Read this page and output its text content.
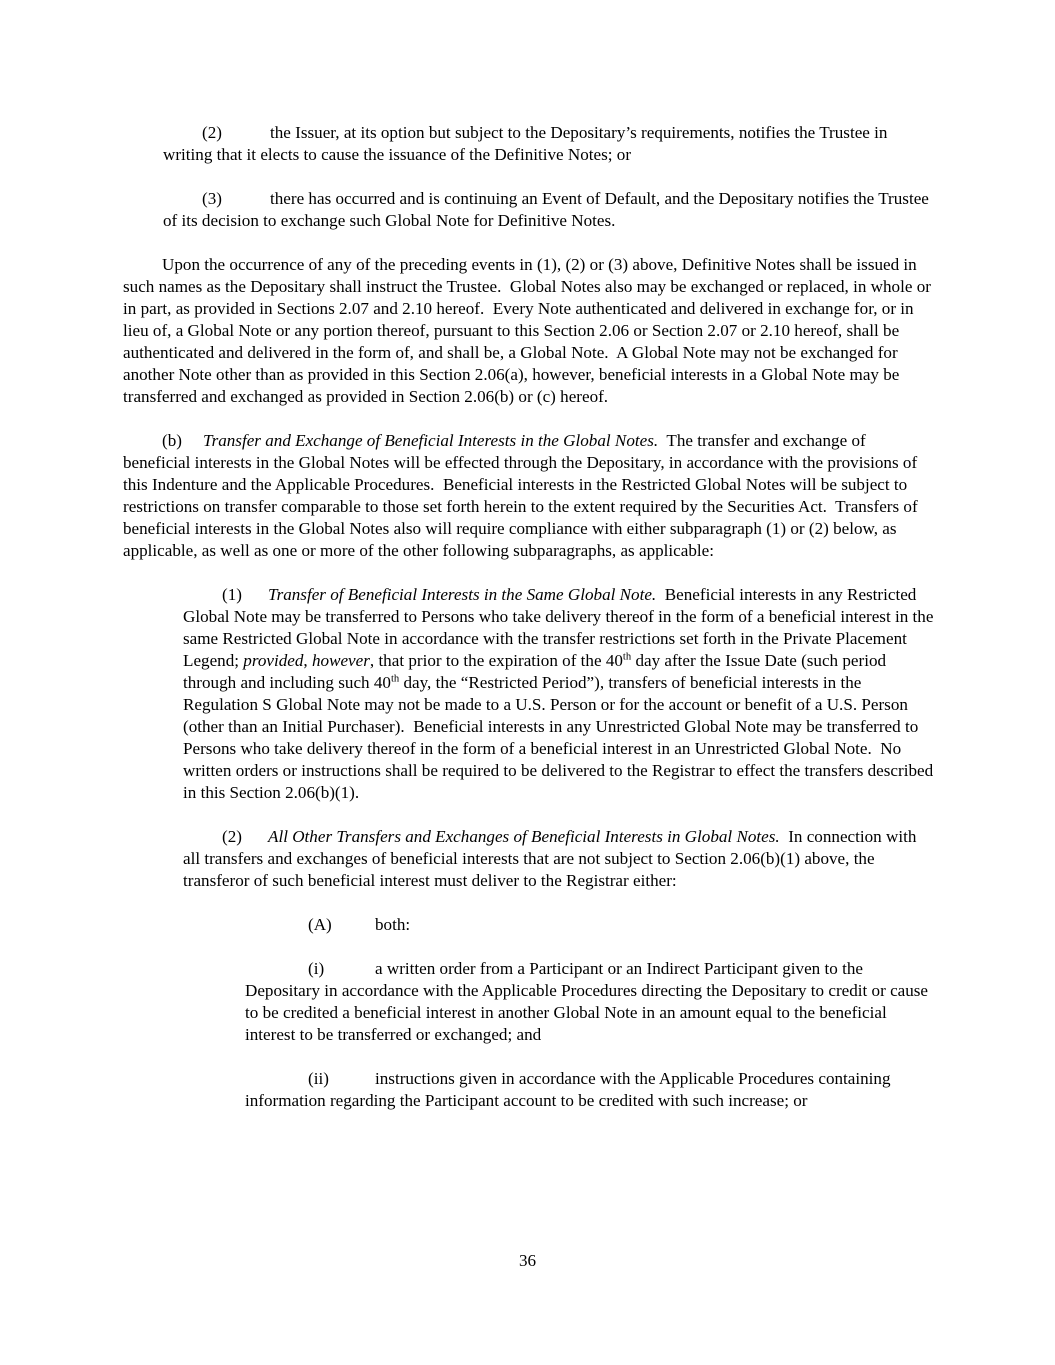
(2)	the Issuer, at its option but subject to the Depositary’s requirements, notifies the Trustee in writing that it elects to cause the issuance of the Definitive Notes; or

(3)	there has occurred and is continuing an Event of Default, and the Depositary notifies the Trustee of its decision to exchange such Global Note for Definitive Notes.

Upon the occurrence of any of the preceding events in (1), (2) or (3) above, Definitive Notes shall be issued in such names as the Depositary shall instruct the Trustee.  Global Notes also may be exchanged or replaced, in whole or in part, as provided in Sections 2.07 and 2.10 hereof.  Every Note authenticated and delivered in exchange for, or in lieu of, a Global Note or any portion thereof, pursuant to this Section 2.06 or Section 2.07 or 2.10 hereof, shall be authenticated and delivered in the form of, and shall be, a Global Note.  A Global Note may not be exchanged for another Note other than as provided in this Section 2.06(a), however, beneficial interests in a Global Note may be transferred and exchanged as provided in Section 2.06(b) or (c) hereof.

(b) Transfer and Exchange of Beneficial Interests in the Global Notes.  The transfer and exchange of beneficial interests in the Global Notes will be effected through the Depositary, in accordance with the provisions of this Indenture and the Applicable Procedures.  Beneficial interests in the Restricted Global Notes will be subject to restrictions on transfer comparable to those set forth herein to the extent required by the Securities Act.  Transfers of beneficial interests in the Global Notes also will require compliance with either subparagraph (1) or (2) below, as applicable, as well as one or more of the other following subparagraphs, as applicable:

(1) Transfer of Beneficial Interests in the Same Global Note.  Beneficial interests in any Restricted Global Note may be transferred to Persons who take delivery thereof in the form of a beneficial interest in the same Restricted Global Note in accordance with the transfer restrictions set forth in the Private Placement Legend; provided, however, that prior to the expiration of the 40th day after the Issue Date (such period through and including such 40th day, the “Restricted Period”), transfers of beneficial interests in the Regulation S Global Note may not be made to a U.S. Person or for the account or benefit of a U.S. Person (other than an Initial Purchaser).  Beneficial interests in any Unrestricted Global Note may be transferred to Persons who take delivery thereof in the form of a beneficial interest in an Unrestricted Global Note.  No written orders or instructions shall be required to be delivered to the Registrar to effect the transfers described in this Section 2.06(b)(1).

(2) All Other Transfers and Exchanges of Beneficial Interests in Global Notes.  In connection with all transfers and exchanges of beneficial interests that are not subject to Section 2.06(b)(1) above, the transferor of such beneficial interest must deliver to the Registrar either:

(A)	both:

(i)	a written order from a Participant or an Indirect Participant given to the Depositary in accordance with the Applicable Procedures directing the Depositary to credit or cause to be credited a beneficial interest in another Global Note in an amount equal to the beneficial interest to be transferred or exchanged; and

(ii)	instructions given in accordance with the Applicable Procedures containing information regarding the Participant account to be credited with such increase; or

36
